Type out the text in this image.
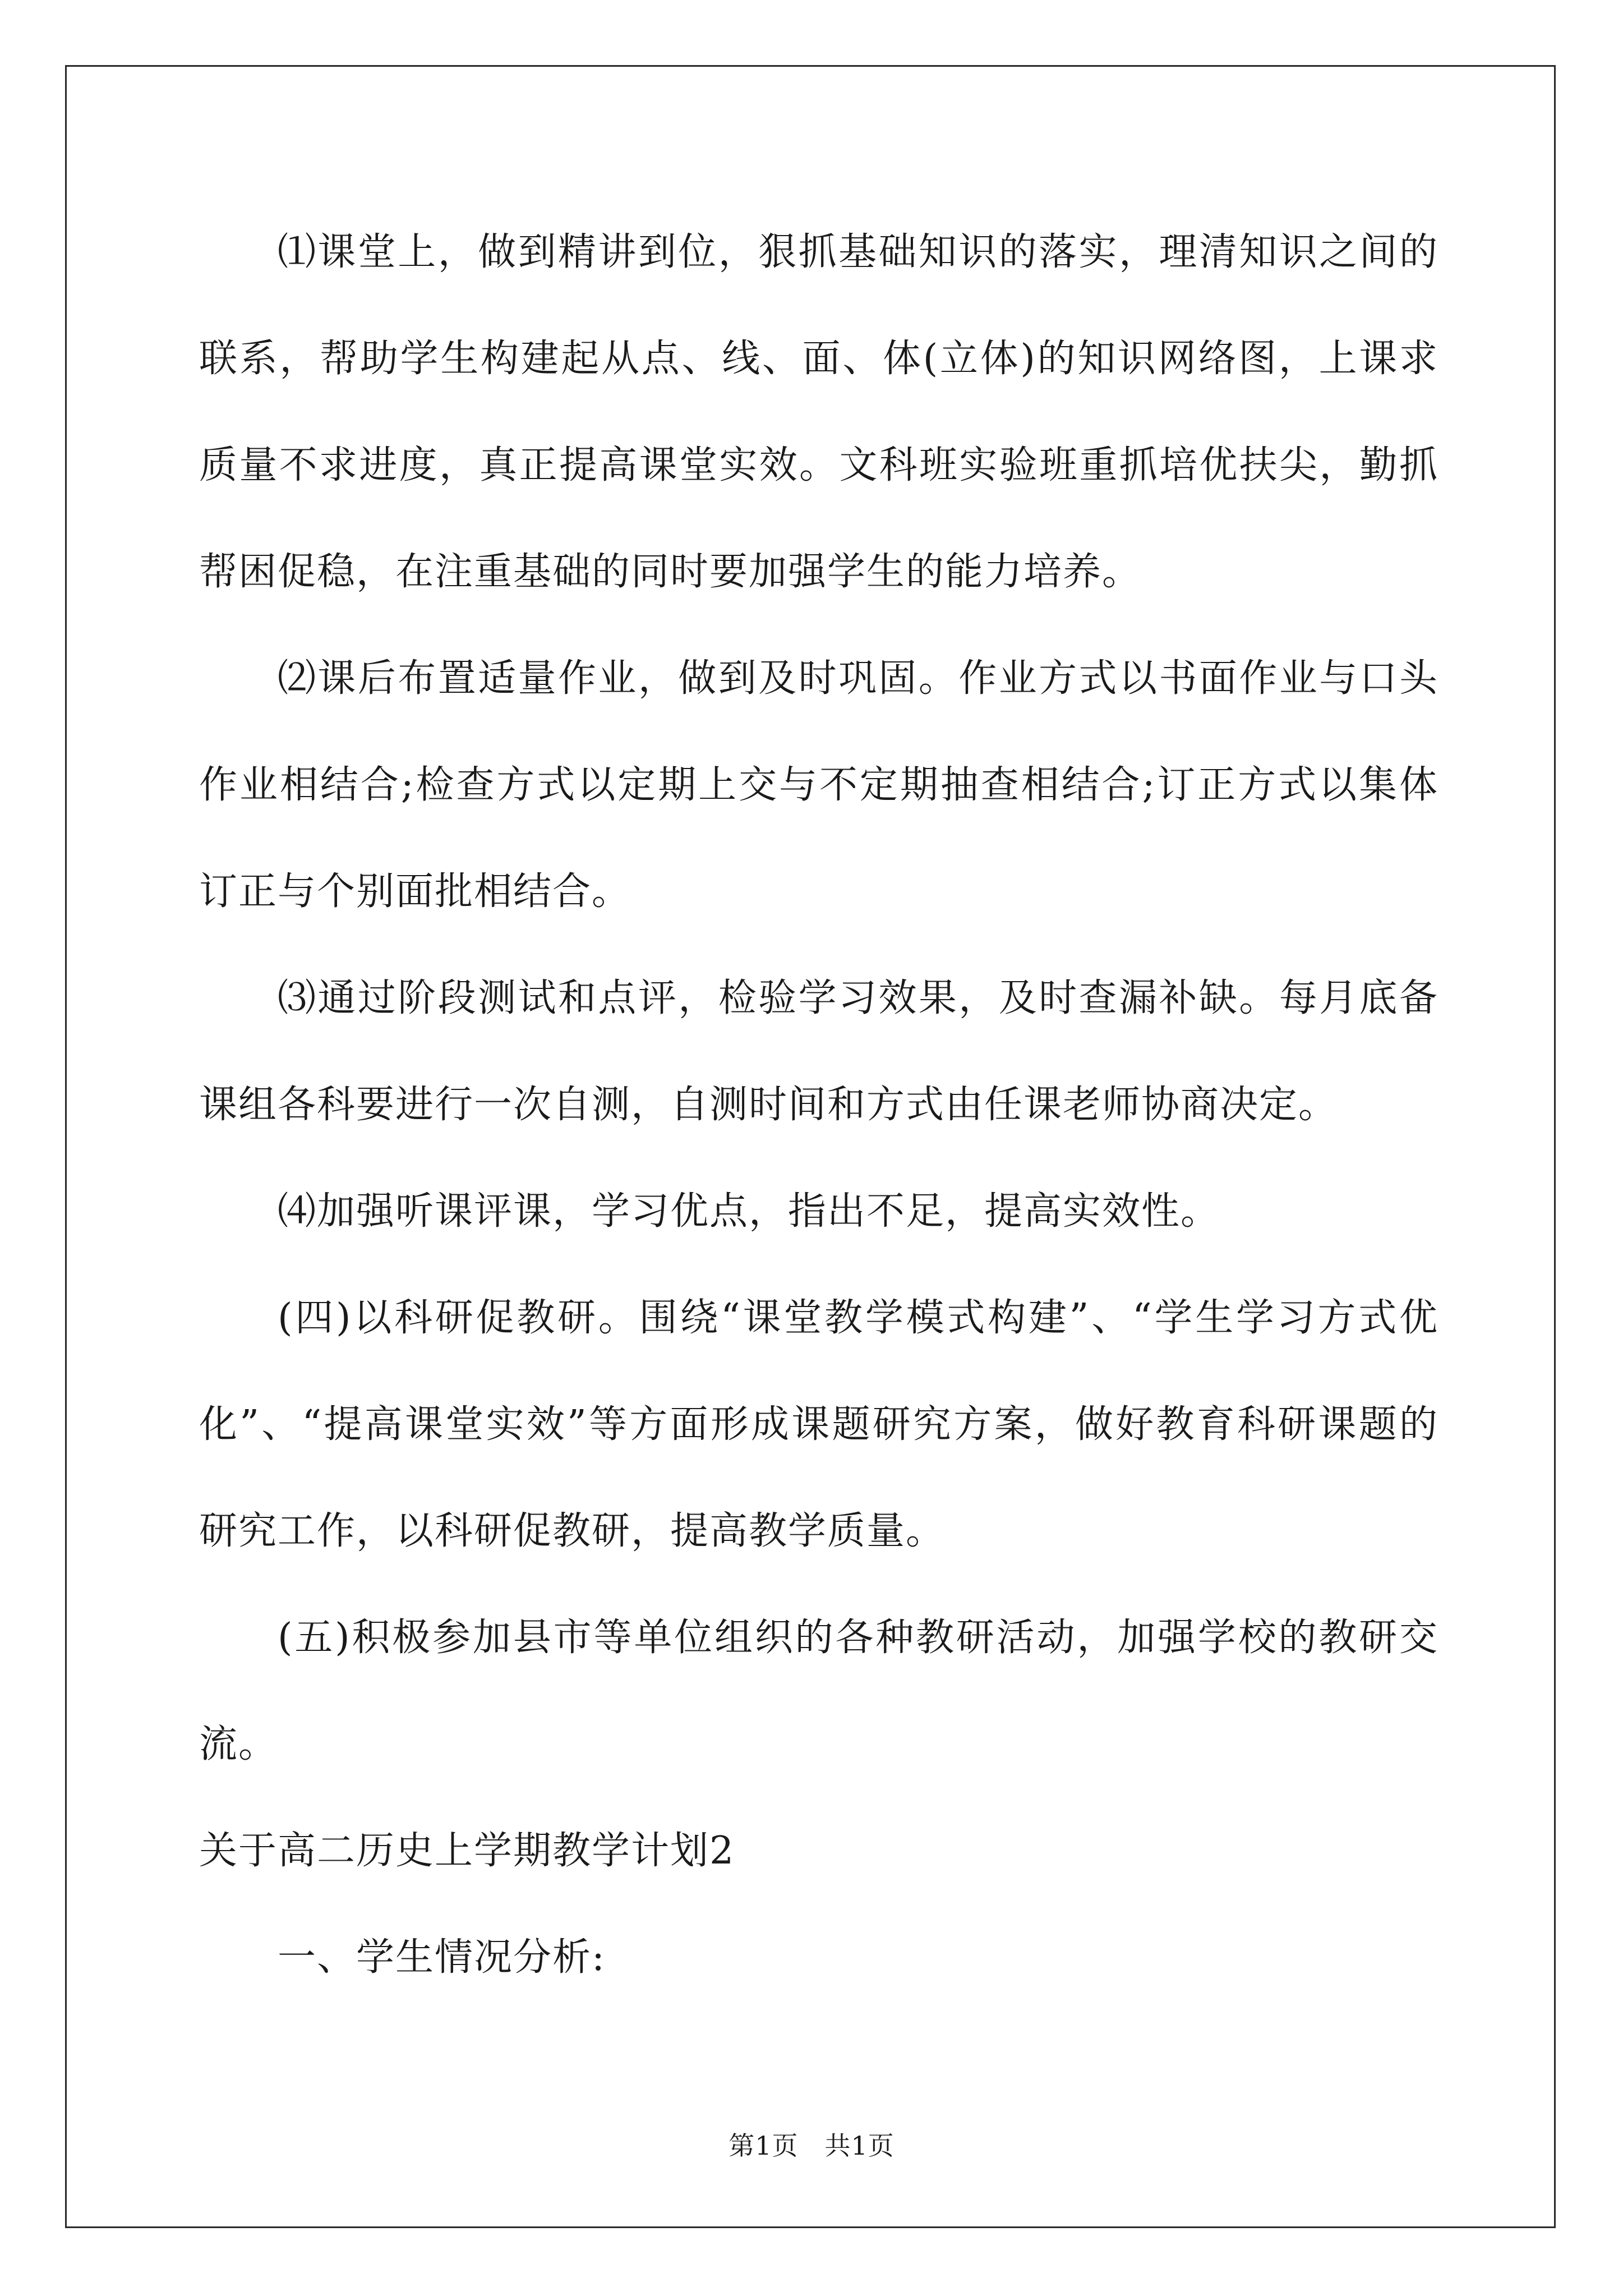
⑴课堂上，做到精讲到位，狠抓基础知识的落实，理清知识之间的联系，帮助学生构建起从点、线、面、体(立体)的知识网络图，上课求质量不求进度，真正提高课堂实效。文科班实验班重抓培优扶尖，勤抓帮困促稳，在注重基础的同时要加强学生的能力培养。

⑵课后布置适量作业，做到及时巩固。作业方式以书面作业与口头作业相结合;检查方式以定期上交与不定期抽查相结合;订正方式以集体订正与个别面批相结合。

⑶通过阶段测试和点评，检验学习效果，及时查漏补缺。每月底备课组各科要进行一次自测，自测时间和方式由任课老师协商决定。

⑷加强听课评课，学习优点，指出不足，提高实效性。

(四)以科研促教研。围绕“课堂教学模式构建”、“学生学习方式优化”、“提高课堂实效”等方面形成课题研究方案，做好教育科研课题的研究工作，以科研促教研，提高教学质量。

(五)积极参加县市等单位组织的各种教研活动，加强学校的教研交流。

关于高二历史上学期教学计划2

一、学生情况分析:

第1页　共1页
